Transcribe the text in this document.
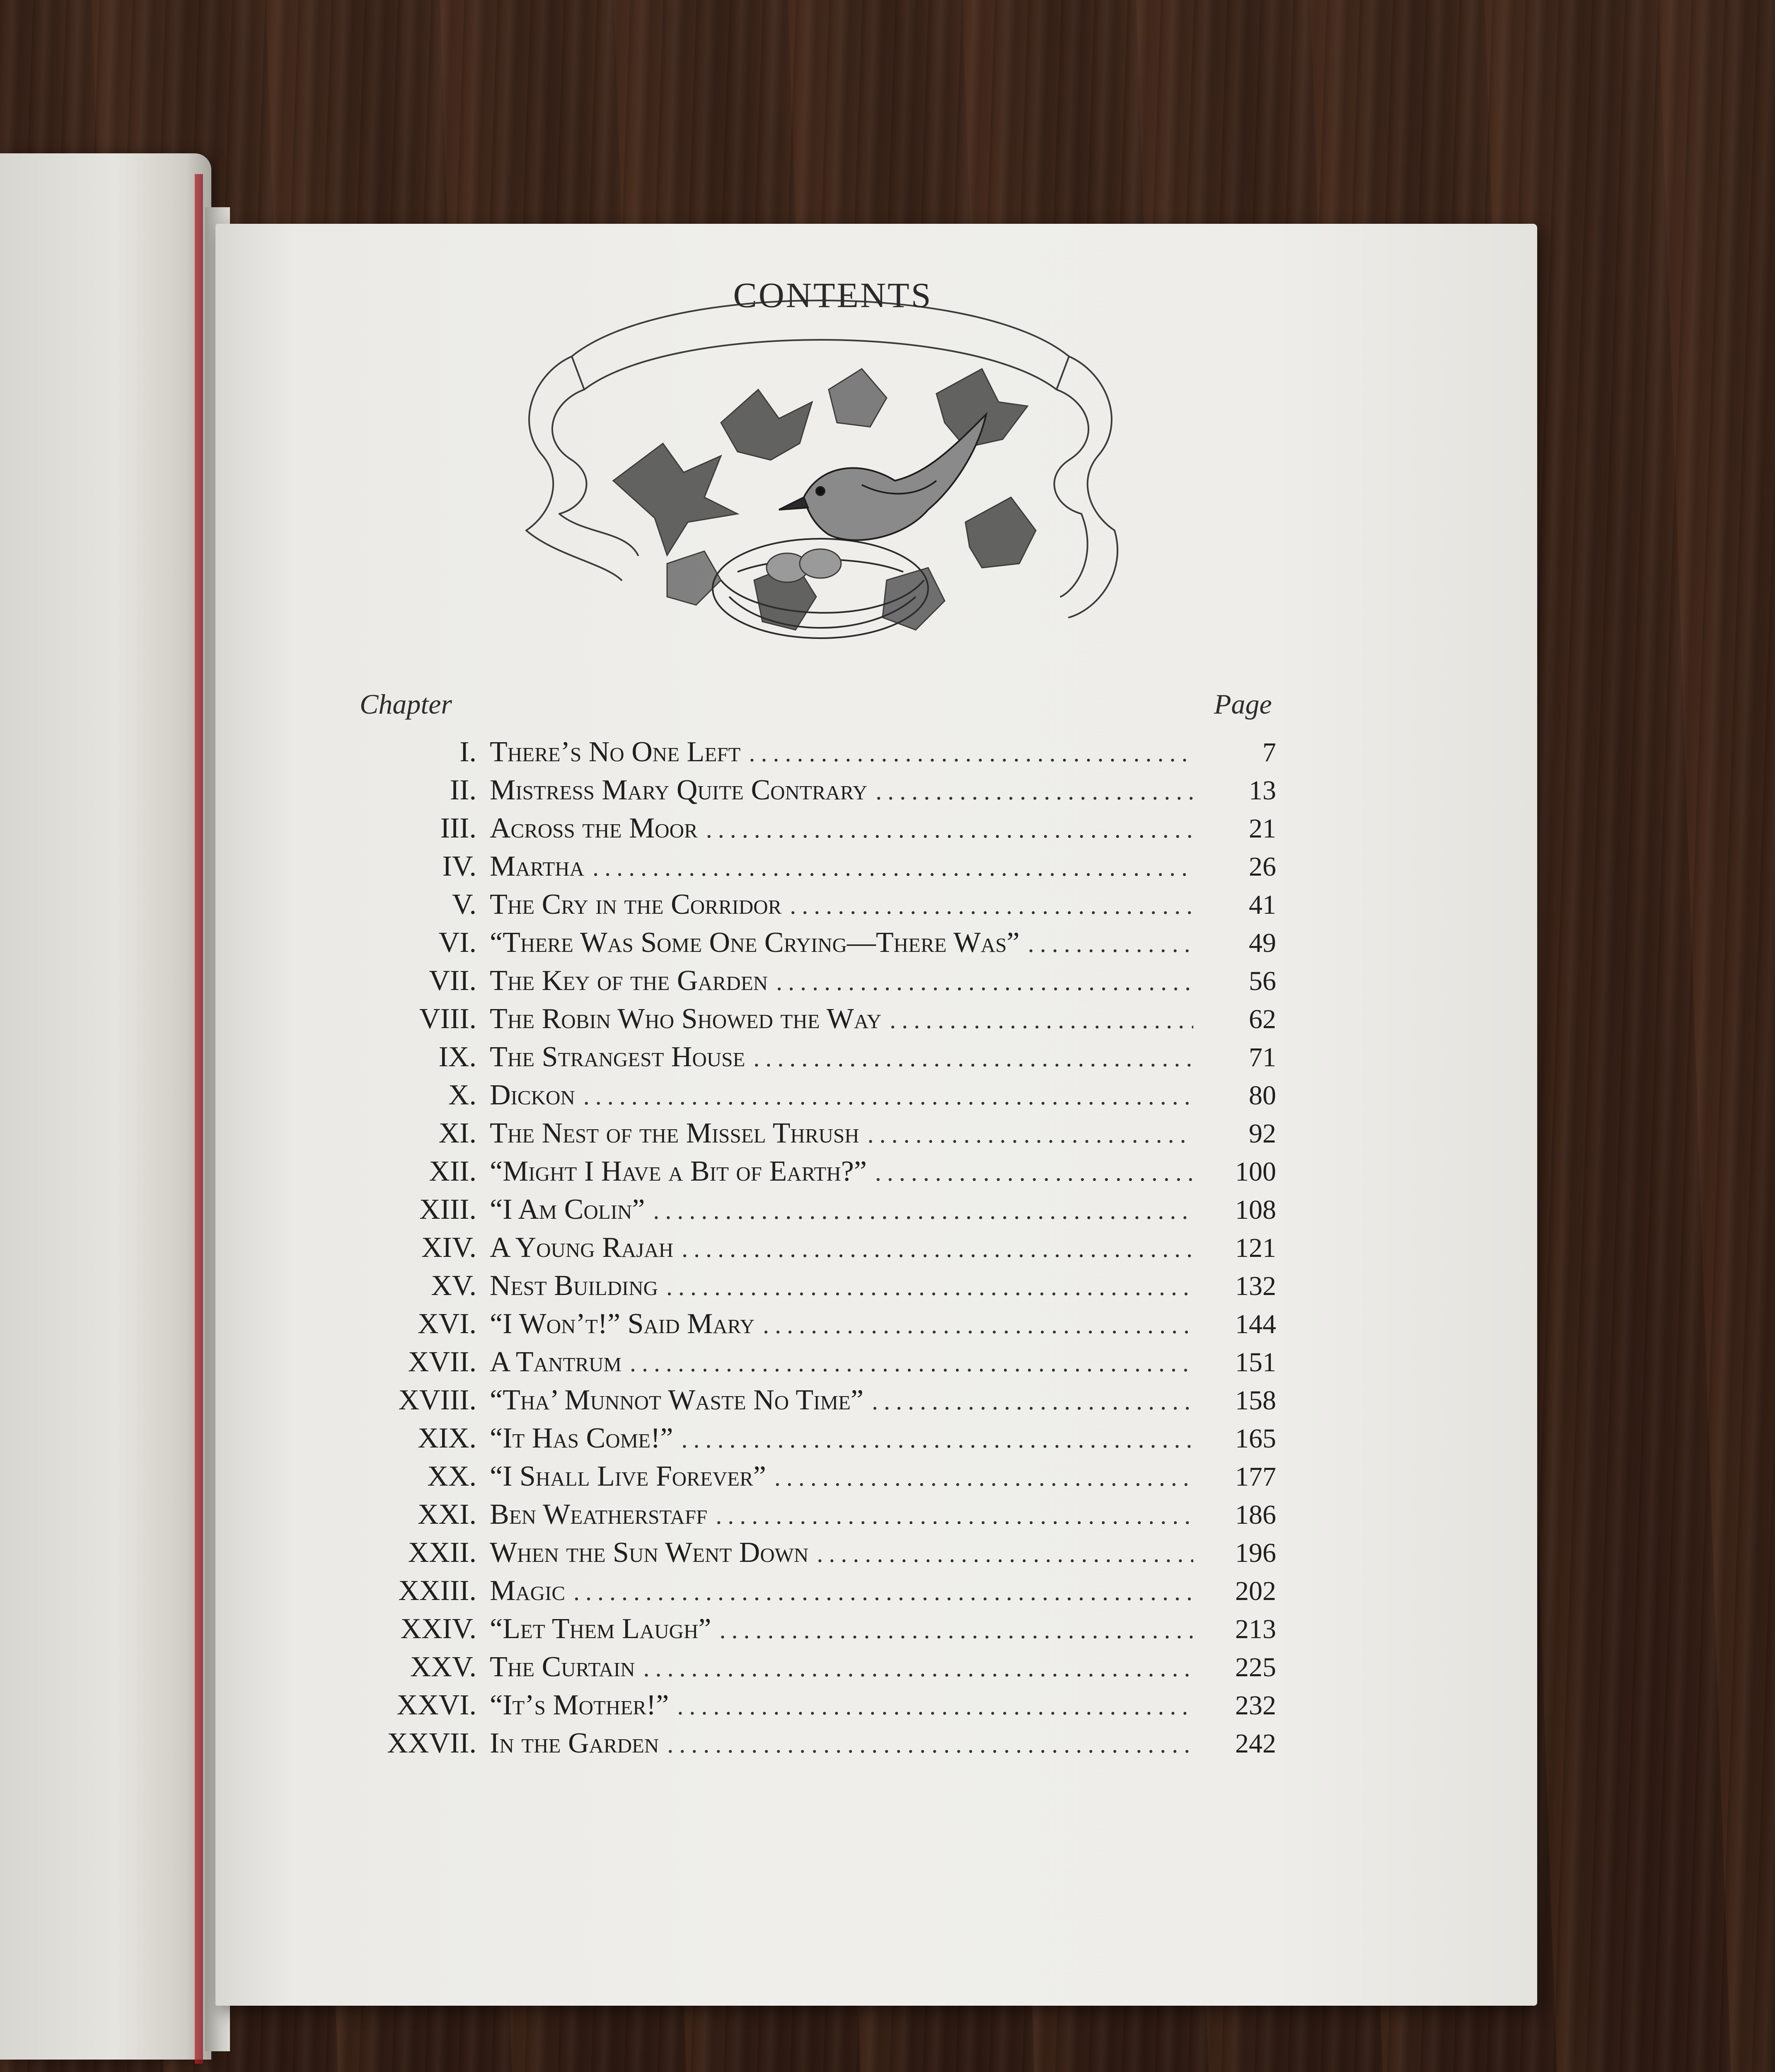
CONTENTS
Chapter	Page
I. There’s No One Left .....	7
II. Mistress Mary Quite Contrary .....	13
III. Across the Moor .....	21
IV. Martha .....	26
V. The Cry in the Corridor .....	41
VI. “There Was Some One Crying—There Was” .....	49
VII. The Key of the Garden .....	56
VIII. The Robin Who Showed the Way .....	62
IX. The Strangest House .....	71
X. Dickon .....	80
XI. The Nest of the Missel Thrush .....	92
XII. “Might I Have a Bit of Earth?” .....	100
XIII. “I Am Colin” .....	108
XIV. A Young Rajah .....	121
XV. Nest Building .....	132
XVI. “I Won’t!” Said Mary .....	144
XVII. A Tantrum .....	151
XVIII. “Tha’ Munnot Waste No Time” .....	158
XIX. “It Has Come!” .....	165
XX. “I Shall Live Forever” .....	177
XXI. Ben Weatherstaff .....	186
XXII. When the Sun Went Down .....	196
XXIII. Magic .....	202
XXIV. “Let Them Laugh” .....	213
XXV. The Curtain .....	225
XXVI. “It’s Mother!” .....	232
XXVII. In the Garden .....	242
